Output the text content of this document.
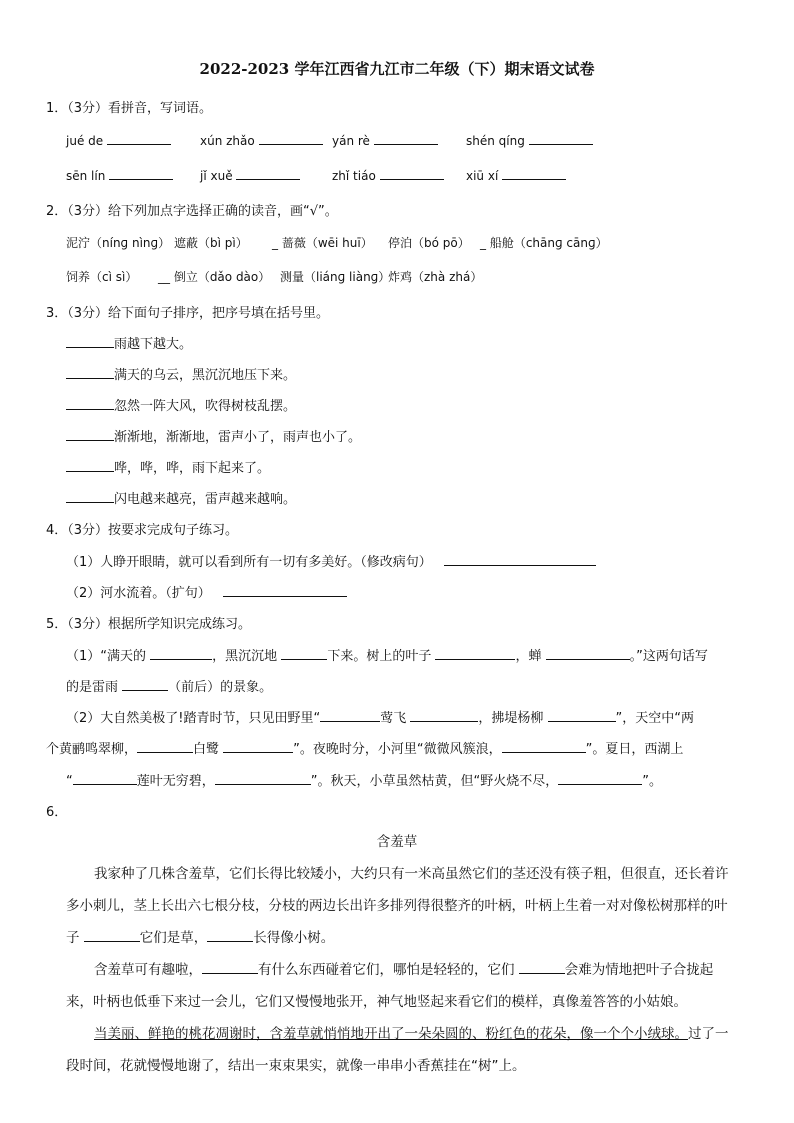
2022-2023 学年江西省九江市二年级（下）期末语文试卷
1．（3分）看拼音，写词语。
jué de	xún zhǎo	yán rè	shén qíng
sēn lín	jǐ xuě	zhǐ tiáo	xiū xí
2．（3分）给下列加点字选择正确的读音，画“√”。
泥泞（nínɡ nìnɡ） 遮蔽（bì pì） _ 蔷薇（wēi huī） 停泊（bó pō） _ 船舱（chānɡ cānɡ）
饲养（cì sì） __ 倒立（dǎo dào） 测量（liánɡ liànɡ）
炸鸡（zhà zhá）
3．（3分）给下面句子排序，把序号填在括号里。
雨越下越大。
满天的乌云，黑沉沉地压下来。
忽然一阵大风，吹得树枝乱摆。
渐渐地，渐渐地，雷声小了，雨声也小了。
哗，哗，哗，雨下起来了。
闪电越来越亮，雷声越来越响。
4．（3分）按要求完成句子练习。
（1）人睁开眼睛，就可以看到所有一切有多美好。（修改病句）
（2）河水流着。（扩句）
5．（3分）根据所学知识完成练习。
（1）“满天的	，黑沉沉地	下来。树上的叶子	，蝉	。”这两句话写
的是雷雨	（前后）的景象。
（2）大自然美极了!踏青时节，只见田野里“	莺飞	，拂堤杨柳	”，天空中“两
个黄鹂鸣翠柳，	白鹭	”。夜晚时分，小河里“微微风簇浪，	”。夏日，西湖上
“	莲叶无穷碧，	”。秋天，小草虽然枯黄，但“野火烧不尽，	”。
6．
含羞草
我家种了几株含羞草，它们长得比较矮小，大约只有一米高虽然它们的茎还没有筷子粗，但很直，还长着许
多小刺儿，茎上长出六七根分枝，分枝的两边长出许多排列得很整齐的叶柄，叶柄上生着一对对像松树那样的叶
子	它们是草，	长得像小树。
含羞草可有趣啦，	有什么东西碰着它们，哪怕是轻轻的，它们	会难为情地把叶子合拢起
来，叶柄也低垂下来过一会儿，它们又慢慢地张开，神气地竖起来看它们的模样，真像羞答答的小姑娘。
当美丽、鲜艳的桃花凋谢时，含羞草就悄悄地开出了一朵朵圆的、粉红色的花朵，像一个个小绒球。过了一
段时间，花就慢慢地谢了，结出一束束果实，就像一串串小香蕉挂在“树”上。
